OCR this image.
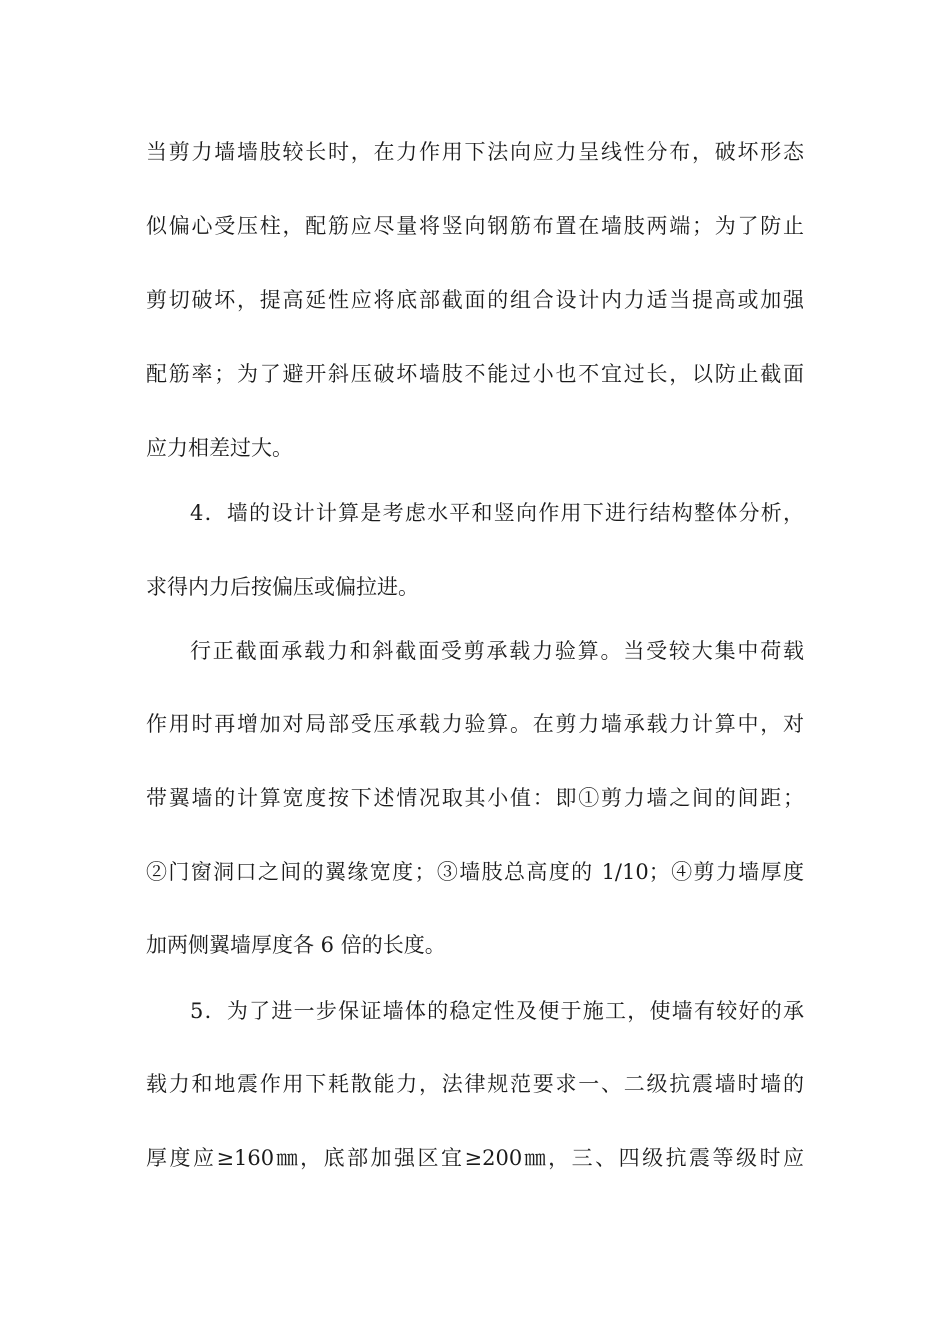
当剪力墙墙肢较长时，在力作用下法向应力呈线性分布，破坏形态
似偏心受压柱，配筋应尽量将竖向钢筋布置在墙肢两端；为了防止
剪切破坏，提高延性应将底部截面的组合设计内力适当提高或加强
配筋率；为了避开斜压破坏墙肢不能过小也不宜过长，以防止截面
应力相差过大。
4．墙的设计计算是考虑水平和竖向作用下进行结构整体分析，
求得内力后按偏压或偏拉进。
行正截面承载力和斜截面受剪承载力验算。当受较大集中荷载
作用时再增加对局部受压承载力验算。在剪力墙承载力计算中，对
带翼墙的计算宽度按下述情况取其小值：即①剪力墙之间的间距；
②门窗洞口之间的翼缘宽度；③墙肢总高度的 1/10；④剪力墙厚度
加两侧翼墙厚度各 6 倍的长度。
5．为了进一步保证墙体的稳定性及便于施工，使墙有较好的承
载力和地震作用下耗散能力，法律规范要求一、二级抗震墙时墙的
厚度应≥160㎜，底部加强区宜≥200㎜，三、四级抗震等级时应
